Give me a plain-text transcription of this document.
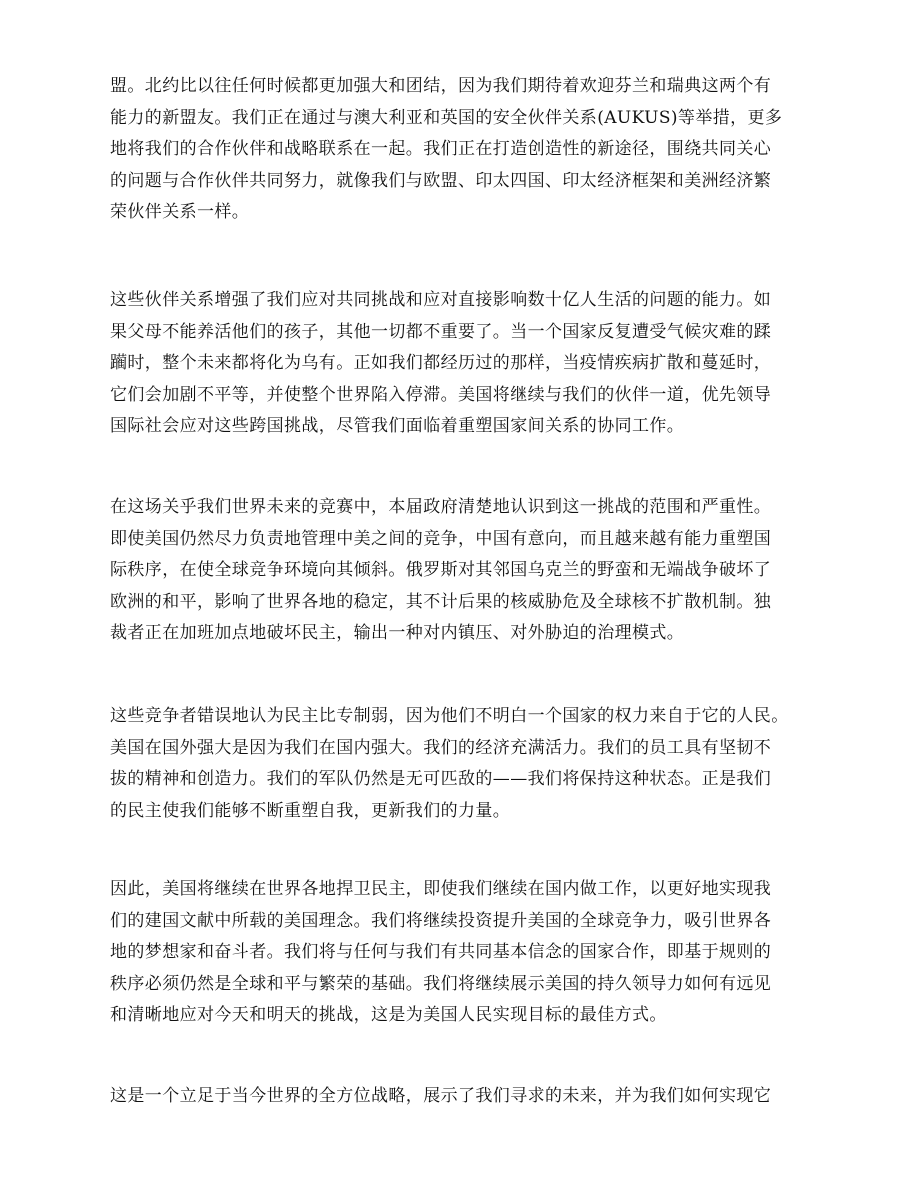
盟。北约比以往任何时候都更加强大和团结，因为我们期待着欢迎芬兰和瑞典这两个有
能力的新盟友。我们正在通过与澳大利亚和英国的安全伙伴关系(AUKUS)等举措，更多
地将我们的合作伙伴和战略联系在一起。我们正在打造创造性的新途径，围绕共同关心
的问题与合作伙伴共同努力，就像我们与欧盟、印太四国、印太经济框架和美洲经济繁
荣伙伴关系一样。
这些伙伴关系增强了我们应对共同挑战和应对直接影响数十亿人生活的问题的能力。如
果父母不能养活他们的孩子，其他一切都不重要了。当一个国家反复遭受气候灾难的蹂
躏时，整个未来都将化为乌有。正如我们都经历过的那样，当疫情疾病扩散和蔓延时，
它们会加剧不平等，并使整个世界陷入停滞。美国将继续与我们的伙伴一道，优先领导
国际社会应对这些跨国挑战，尽管我们面临着重塑国家间关系的协同工作。
在这场关乎我们世界未来的竞赛中，本届政府清楚地认识到这一挑战的范围和严重性。
即使美国仍然尽力负责地管理中美之间的竞争，中国有意向，而且越来越有能力重塑国
际秩序，在使全球竞争环境向其倾斜。俄罗斯对其邻国乌克兰的野蛮和无端战争破坏了
欧洲的和平，影响了世界各地的稳定，其不计后果的核威胁危及全球核不扩散机制。独
裁者正在加班加点地破坏民主，输出一种对内镇压、对外胁迫的治理模式。
这些竞争者错误地认为民主比专制弱，因为他们不明白一个国家的权力来自于它的人民。
美国在国外强大是因为我们在国内强大。我们的经济充满活力。我们的员工具有坚韧不
拔的精神和创造力。我们的军队仍然是无可匹敌的——我们将保持这种状态。正是我们
的民主使我们能够不断重塑自我，更新我们的力量。
因此，美国将继续在世界各地捍卫民主，即使我们继续在国内做工作，以更好地实现我
们的建国文献中所载的美国理念。我们将继续投资提升美国的全球竞争力，吸引世界各
地的梦想家和奋斗者。我们将与任何与我们有共同基本信念的国家合作，即基于规则的
秩序必须仍然是全球和平与繁荣的基础。我们将继续展示美国的持久领导力如何有远见
和清晰地应对今天和明天的挑战，这是为美国人民实现目标的最佳方式。
这是一个立足于当今世界的全方位战略，展示了我们寻求的未来，并为我们如何实现它
